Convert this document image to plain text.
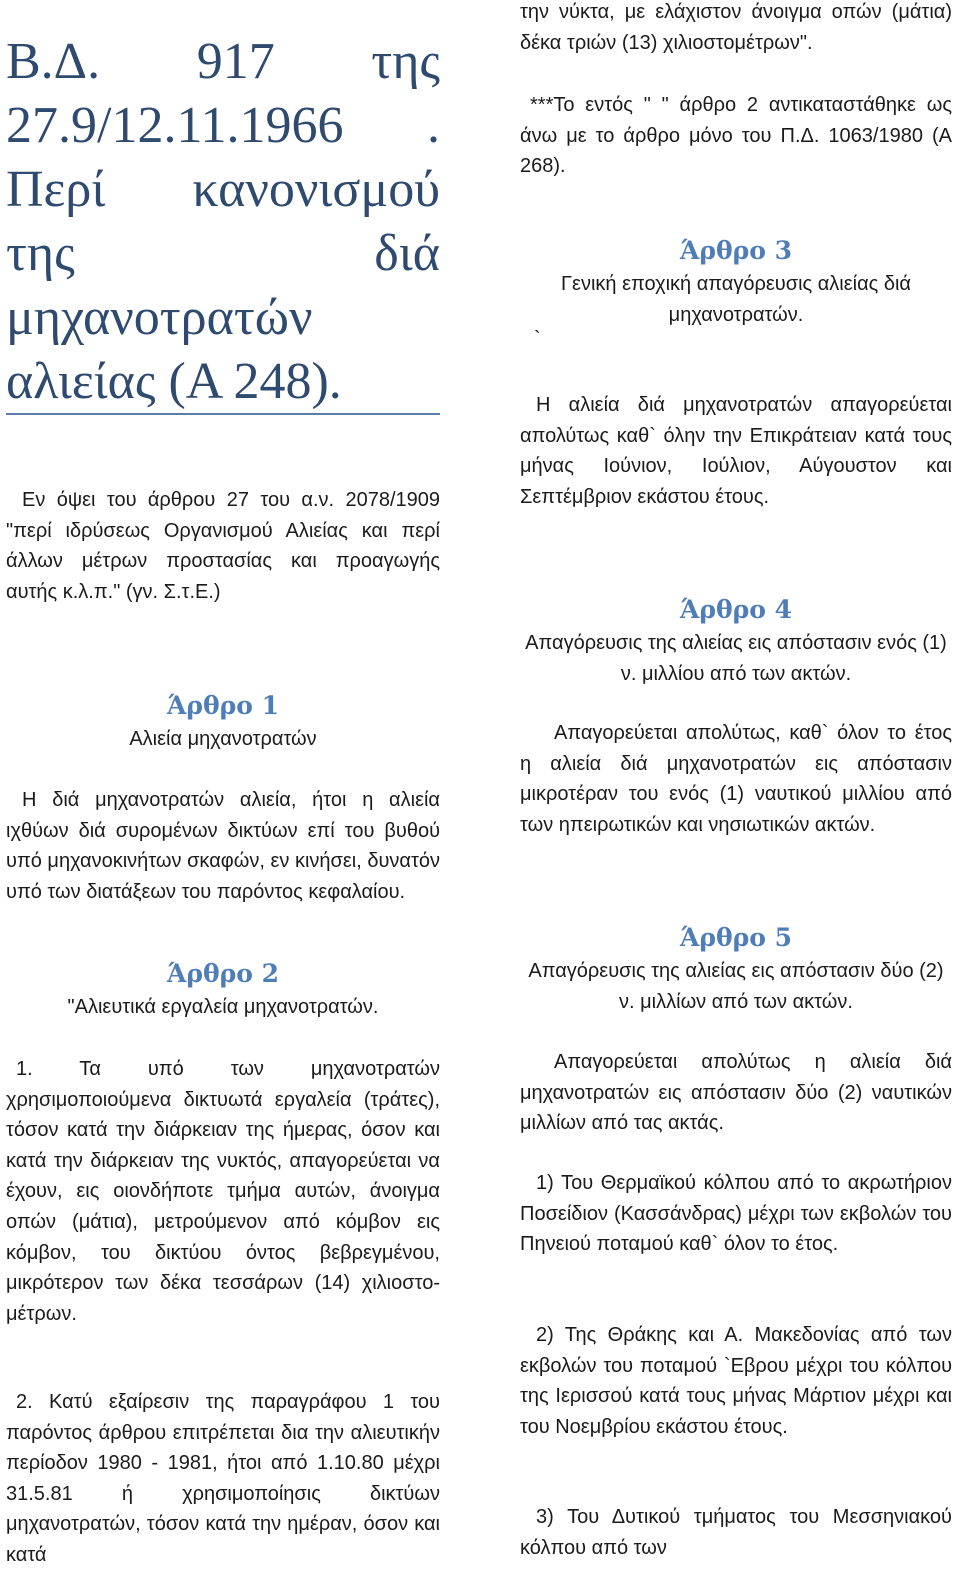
Β.Δ. 917 της 27.9/12.11.1966 . Περί κανονισμού της διά μηχανοτρατών αλιείας (Α 248).

Εν όψει του άρθρου 27 του α.ν. 2078/1909 "περί ιδρύσεως Οργανισμού Αλιείας και περί άλλων μέτρων προστασίας και προαγωγής αυτής κ.λ.π." (γν. Σ.τ.Ε.)

Άρθρο 1
Αλιεία μηχανοτρατών

Η διά μηχανοτρατών αλιεία, ήτοι η αλιεία ιχθύων διά συρομένων δικτύων επί του βυθού υπό μηχανοκινήτων σκαφών, εν κινήσει, δυνατόν υπό των διατάξεων του παρόντος κεφαλαίου.

Άρθρο 2
"Αλιευτικά εργαλεία μηχανοτρατών.

1. Τα υπό των μηχανοτρατών χρησιμοποιούμενα δικτυωτά εργαλεία (τράτες), τόσον κατά την διάρκειαν της ήμερας, όσον και κατά την διάρκειαν της νυκτός, απαγορεύεται να έχουν, εις οιονδήποτε τμήμα αυτών, άνοιγμα οπών (μάτια), μετρούμενον από κόμβον εις κόμβον, του δικτύου όντος βεβρεγμένου, μικρότερον των δέκα τεσσάρων (14) χιλιοστο- μέτρων.

2. Κατύ εξαίρεσιν της παραγράφου 1 του παρόντος άρθρου επιτρέπεται δια την αλιευτικήν περίοδον 1980 - 1981, ήτοι από 1.10.80 μέχρι 31.5.81 ή χρησιμοποίησις δικτύων μηχανοτρατών, τόσον κατά την ημέραν, όσον και κατά

την νύκτα, με ελάχιστον άνοιγμα οπών (μάτια) δέκα τριών (13) χιλιοστομέτρων".

***Το εντός " " άρθρο 2 αντικαταστάθηκε ως άνω με το άρθρο μόνο του Π.Δ. 1063/1980 (Α 268).

Άρθρο 3
Γενική εποχική απαγόρευσις αλιείας διά μηχανοτρατών.

`

Η αλιεία διά μηχανοτρατών απαγορεύεται απολύτως καθ` όλην την Επικράτειαν κατά τους μήνας Ιούνιον, Ιούλιον, Αύγουστον και Σεπτέμβριον εκάστου έτους.

Άρθρο 4
Απαγόρευσις της αλιείας εις απόστασιν ενός (1) ν. μιλλίου από των ακτών.

Απαγορεύεται απολύτως, καθ` όλον το έτος η αλιεία διά μηχανοτρατών εις απόστασιν μικροτέραν του ενός (1) ναυτικού μιλλίου από των ηπειρωτικών και νησιωτικών ακτών.

Άρθρο 5
Απαγόρευσις της αλιείας εις απόστασιν δύο (2) ν. μιλλίων από των ακτών.

Απαγορεύεται απολύτως η αλιεία διά μηχανοτρατών εις απόστασιν δύο (2) ναυτικών μιλλίων από τας ακτάς.

1) Του Θερμαϊκού κόλπου από το ακρωτήριον Ποσείδιον (Κασσάνδρας) μέχρι των εκβολών του Πηνειού ποταμού καθ` όλον το έτος.

2) Της Θράκης και Α. Μακεδονίας από των εκβολών του ποταμού `Εβρου μέχρι του κόλπου της Ιερισσού κατά τους μήνας Μάρτιον μέχρι και του Νοεμβρίου εκάστου έτους.

3) Του Δυτικού τμήματος του Μεσσηνιακού κόλπου από των
